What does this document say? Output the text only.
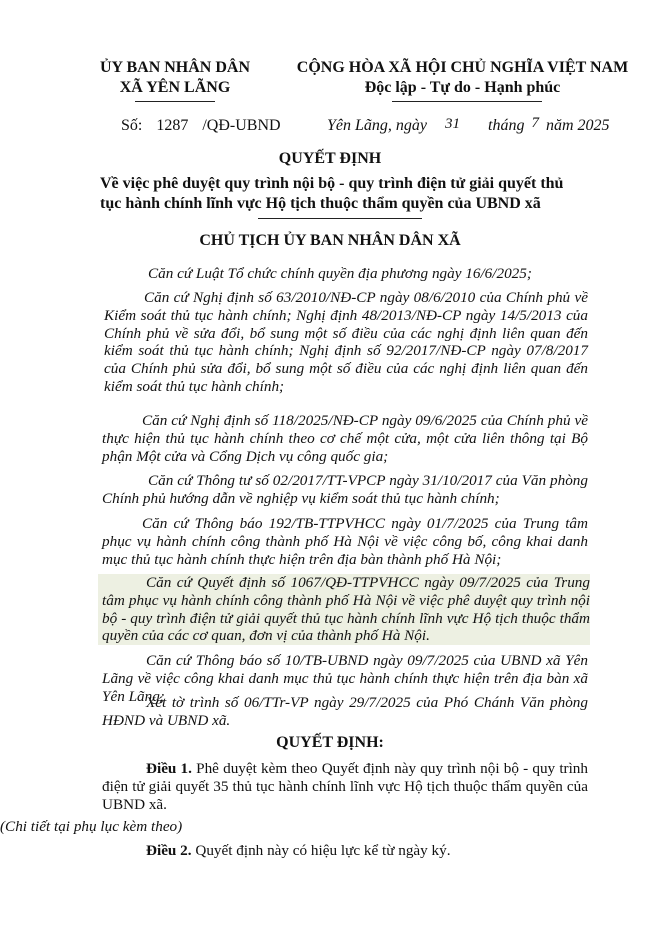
ỦY BAN NHÂN DÂN
XÃ YÊN LÃNG
CỘNG HÒA XÃ HỘI CHỦ NGHĨA VIỆT NAM
Độc lập - Tự do - Hạnh phúc
Số: 1287 /QĐ-UBND	Yên Lãng, ngày 31 tháng 7 năm 2025
QUYẾT ĐỊNH
Về việc phê duyệt quy trình nội bộ - quy trình điện tử giải quyết thủ tục hành chính lĩnh vực Hộ tịch thuộc thẩm quyền của UBND xã
CHỦ TỊCH ỦY BAN NHÂN DÂN XÃ
Căn cứ Luật Tổ chức chính quyền địa phương ngày 16/6/2025;
Căn cứ Nghị định số 63/2010/NĐ-CP ngày 08/6/2010 của Chính phủ về Kiểm soát thủ tục hành chính; Nghị định 48/2013/NĐ-CP ngày 14/5/2013 của Chính phủ về sửa đổi, bổ sung một số điều của các nghị định liên quan đến kiểm soát thủ tục hành chính; Nghị định số 92/2017/NĐ-CP ngày 07/8/2017 của Chính phủ sửa đổi, bổ sung một số điều của các nghị định liên quan đến kiểm soát thủ tục hành chính;
Căn cứ Nghị định số 118/2025/NĐ-CP ngày 09/6/2025 của Chính phủ về thực hiện thủ tục hành chính theo cơ chế một cửa, một cửa liên thông tại Bộ phận Một cửa và Cổng Dịch vụ công quốc gia;
Căn cứ Thông tư số 02/2017/TT-VPCP ngày 31/10/2017 của Văn phòng Chính phủ hướng dẫn về nghiệp vụ kiểm soát thủ tục hành chính;
Căn cứ Thông báo 192/TB-TTPVHCC ngày 01/7/2025 của Trung tâm phục vụ hành chính công thành phố Hà Nội về việc công bố, công khai danh mục thủ tục hành chính thực hiện trên địa bàn thành phố Hà Nội;
Căn cứ Quyết định số 1067/QĐ-TTPVHCC ngày 09/7/2025 của Trung tâm phục vụ hành chính công thành phố Hà Nội về việc phê duyệt quy trình nội bộ - quy trình điện tử giải quyết thủ tục hành chính lĩnh vực Hộ tịch thuộc thẩm quyền của các cơ quan, đơn vị của thành phố Hà Nội.
Căn cứ Thông báo số 10/TB-UBND ngày 09/7/2025 của UBND xã Yên Lãng về việc công khai danh mục thủ tục hành chính thực hiện trên địa bàn xã Yên Lãng;
Xét tờ trình số 06/TTr-VP ngày 29/7/2025 của Phó Chánh Văn phòng HĐND và UBND xã.
QUYẾT ĐỊNH:
Điều 1. Phê duyệt kèm theo Quyết định này quy trình nội bộ - quy trình điện tử giải quyết 35 thủ tục hành chính lĩnh vực Hộ tịch thuộc thẩm quyền của UBND xã.
(Chi tiết tại phụ lục kèm theo)
Điều 2. Quyết định này có hiệu lực kể từ ngày ký.
